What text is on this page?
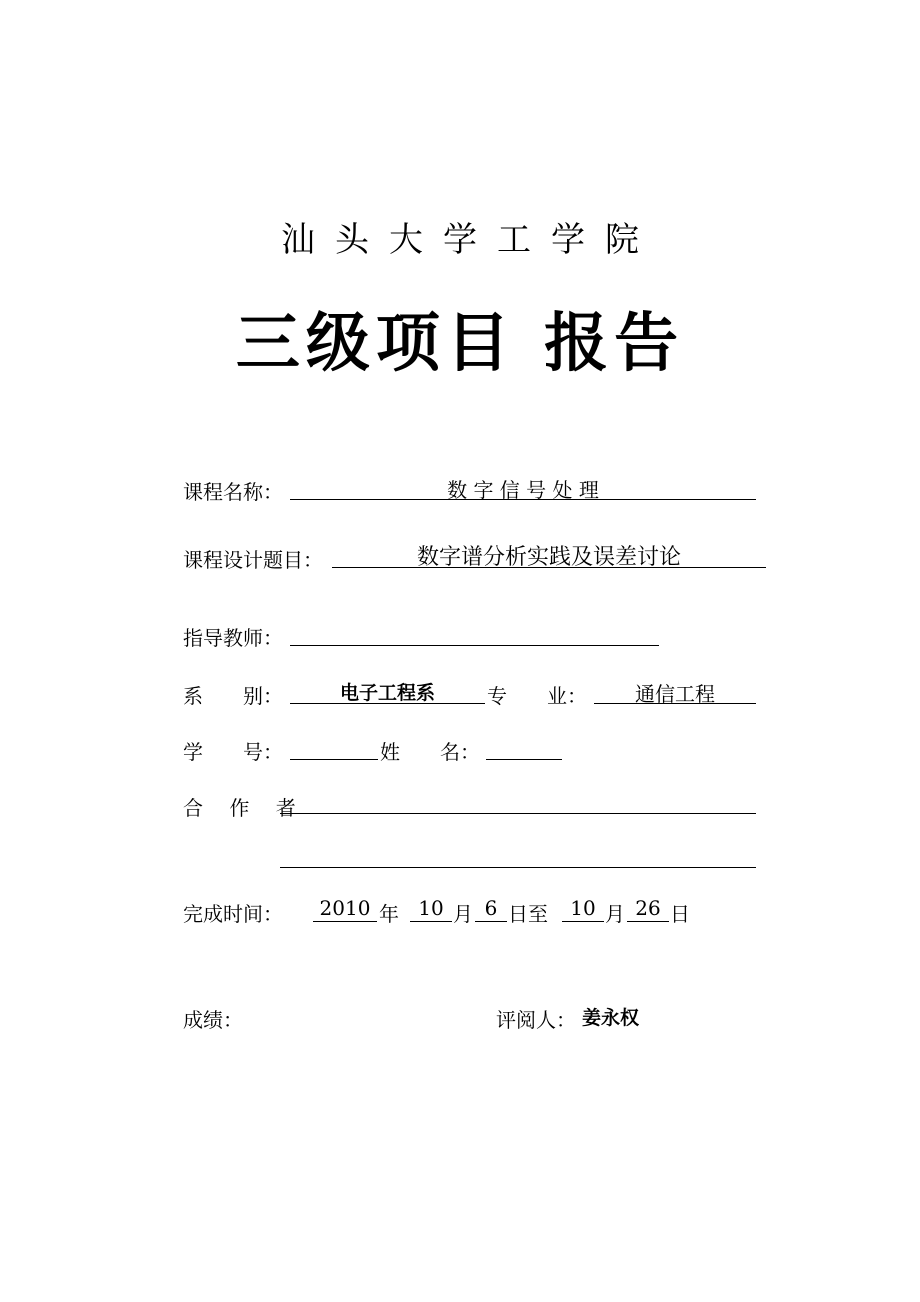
汕头大学工学院
三级项目 报告
课程名称：	数 字 信 号 处 理
课程设计题目：	数字谱分析实践及误差讨论
指导教师：
系　　别：	电子工程系	专　　业：	通信工程
学　　号：	姓　　名：
合 作 者
完成时间：	2010 年 10 月 6 日至	10 月 26 日
成绩：	评阅人： 姜永权
